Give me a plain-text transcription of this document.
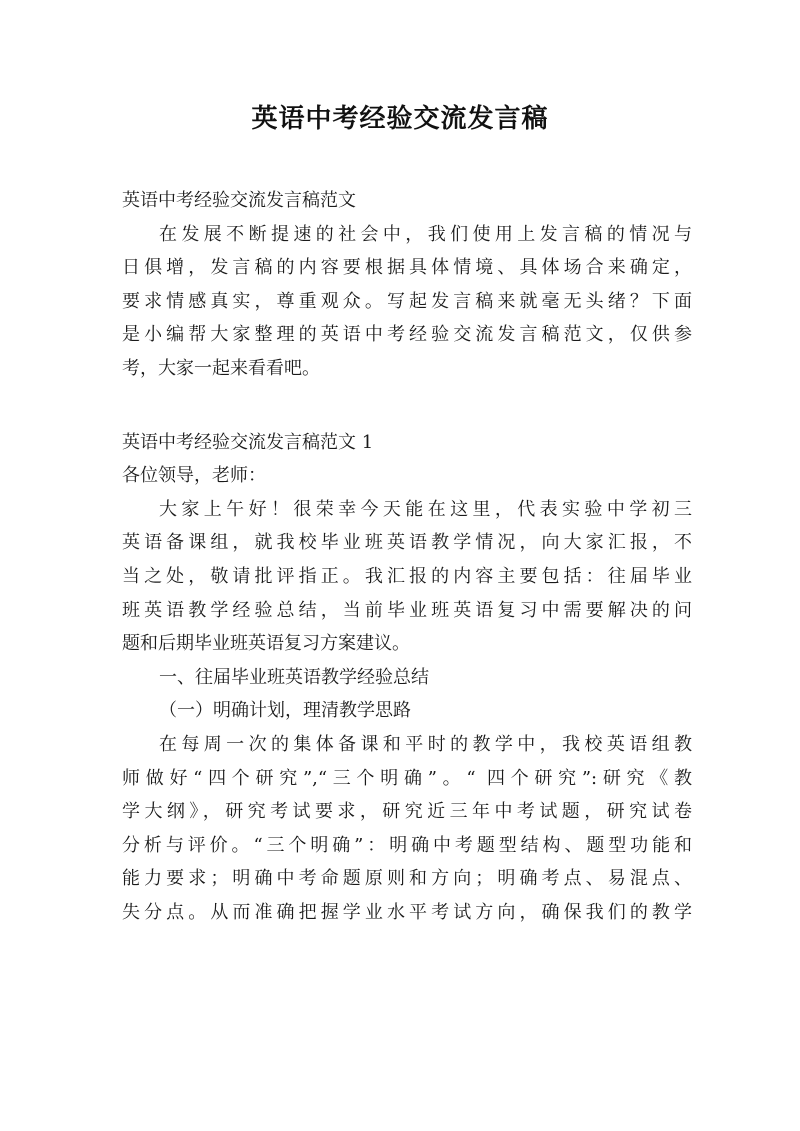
英语中考经验交流发言稿
英语中考经验交流发言稿范文
在发展不断提速的社会中，我们使用上发言稿的情况与
日俱增，发言稿的内容要根据具体情境、具体场合来确定，
要求情感真实，尊重观众。写起发言稿来就毫无头绪？下面
是小编帮大家整理的英语中考经验交流发言稿范文，仅供参
考，大家一起来看看吧。
英语中考经验交流发言稿范文 1
各位领导，老师：
大家上午好！很荣幸今天能在这里，代表实验中学初三
英语备课组，就我校毕业班英语教学情况，向大家汇报，不
当之处，敬请批评指正。我汇报的内容主要包括：往届毕业
班英语教学经验总结，当前毕业班英语复习中需要解决的问
题和后期毕业班英语复习方案建议。
一、往届毕业班英语教学经验总结
（一）明确计划，理清教学思路
在每周一次的集体备课和平时的教学中，我校英语组教
师做好“四个研究”,“三个明确”。“ 四个研究”:研究《教
学大纲》，研究考试要求，研究近三年中考试题，研究试卷
分析与评价。“三个明确”：明确中考题型结构、题型功能和
能力要求；明确中考命题原则和方向；明确考点、易混点、
失分点。从而准确把握学业水平考试方向，确保我们的教学
